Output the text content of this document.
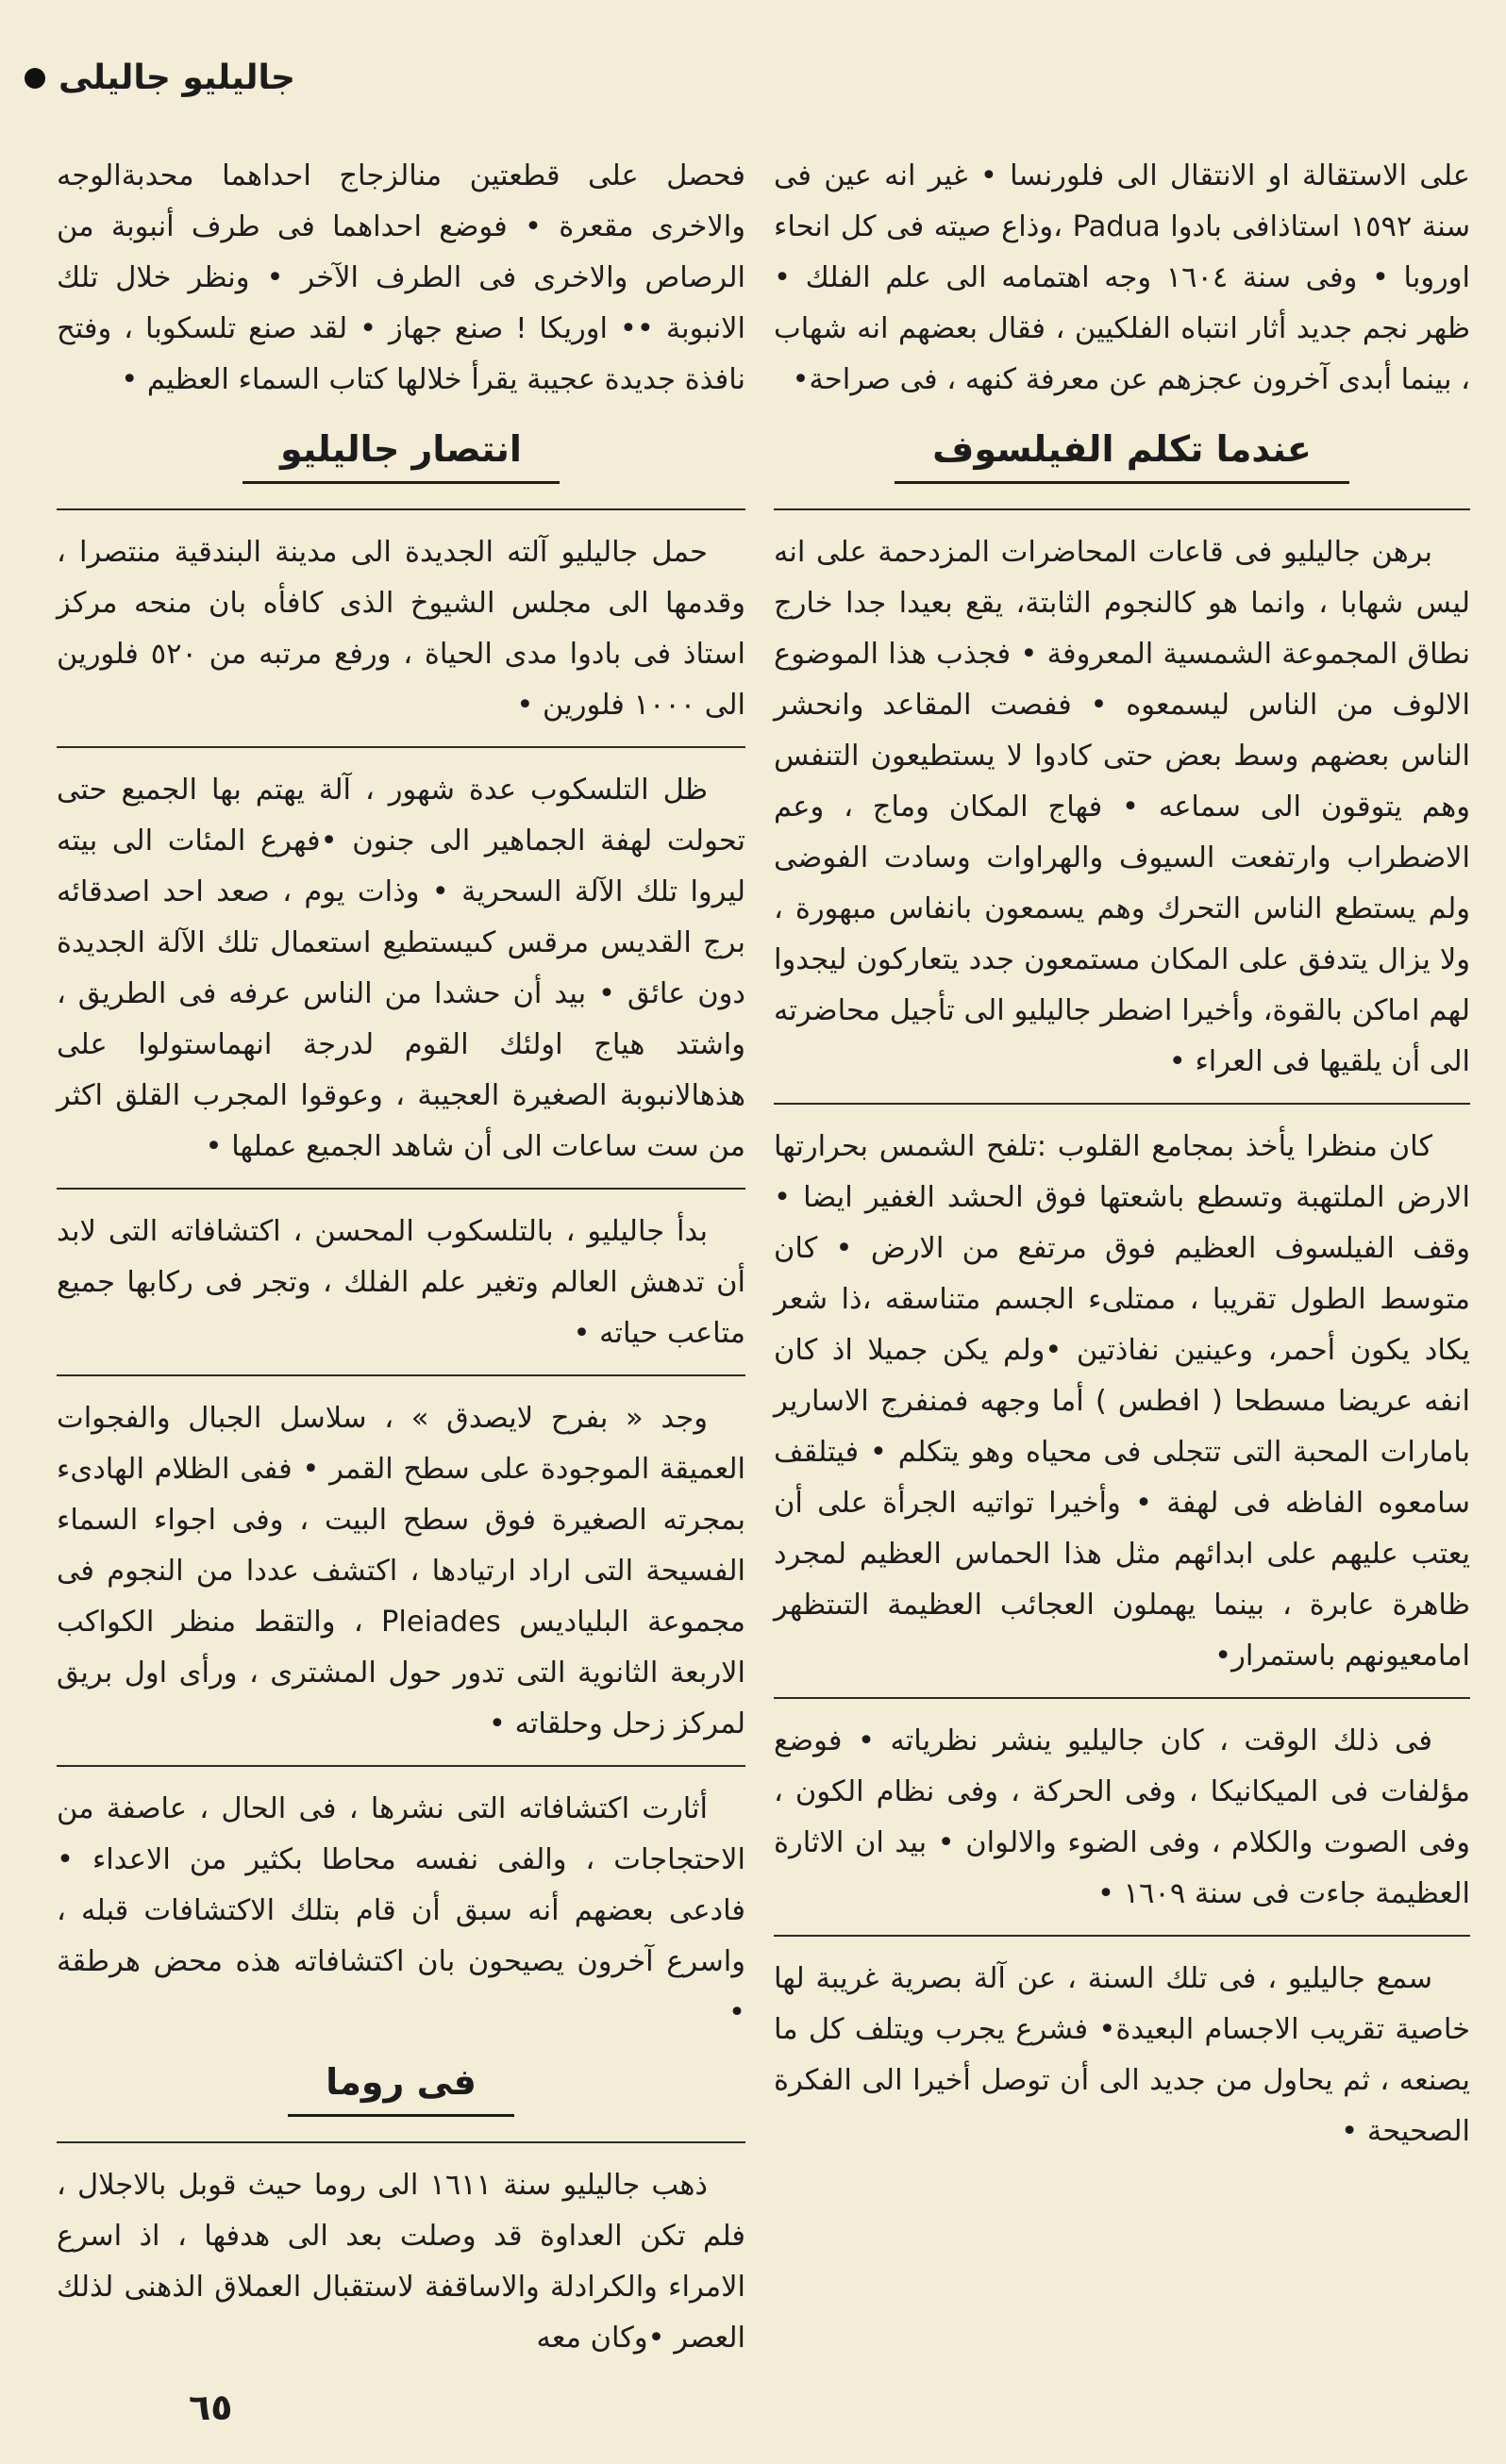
جاليليو جاليلى

على الاستقالة او الانتقال الى فلورنسا • غير انه عين فى سنة ١٥٩٢ استاذافى بادوا Padua ،وذاع صيته فى كل انحاء اوروبا • وفى سنة ١٦٠٤ وجه اهتمامه الى علم الفلك • ظهر نجم جديد أثار انتباه الفلكيين ، فقال بعضهم انه شهاب ، بينما أبدى آخرون عجزهم عن معرفة كنهه ، فى صراحة•

عندما تكلم الفيلسوف

برهن جاليليو فى قاعات المحاضرات المزدحمة على انه ليس شهابا ، وانما هو كالنجوم الثابتة، يقع بعيدا جدا خارج نطاق المجموعة الشمسية المعروفة • فجذب هذا الموضوع الالوف من الناس ليسمعوه • ففصت المقاعد وانحشر الناس بعضهم وسط بعض حتى كادوا لا يستطيعون التنفس وهم يتوقون الى سماعه • فهاج المكان وماج ، وعم الاضطراب وارتفعت السيوف والهراوات وسادت الفوضى ولم يستطع الناس التحرك وهم يسمعون بانفاس مبهورة ، ولا يزال يتدفق على المكان مستمعون جدد يتعاركون ليجدوا لهم اماكن بالقوة، وأخيرا اضطر جاليليو الى تأجيل محاضرته الى أن يلقيها فى العراء •

كان منظرا يأخذ بمجامع القلوب :تلفح الشمس بحرارتها الارض الملتهبة وتسطع باشعتها فوق الحشد الغفير ايضا • وقف الفيلسوف العظيم فوق مرتفع من الارض • كان متوسط الطول تقريبا ، ممتلىء الجسم متناسقه ،ذا شعر يكاد يكون أحمر، وعينين نفاذتين •ولم يكن جميلا اذ كان انفه عريضا مسطحا ( افطس ) أما وجهه فمنفرج الاسارير بامارات المحبة التى تتجلى فى محياه وهو يتكلم • فيتلقف سامعوه الفاظه فى لهفة • وأخيرا تواتيه الجرأة على أن يعتب عليهم على ابدائهم مثل هذا الحماس العظيم لمجرد ظاهرة عابرة ، بينما يهملون العجائب العظيمة التىتظهر امامعيونهم باستمرار•

فى ذلك الوقت ، كان جاليليو ينشر نظرياته • فوضع مؤلفات فى الميكانيكا ، وفى الحركة ، وفى نظام الكون ، وفى الصوت والكلام ، وفى الضوء والالوان • بيد ان الاثارة العظيمة جاءت فى سنة ١٦٠٩ •

سمع جاليليو ، فى تلك السنة ، عن آلة بصرية غريبة لها خاصية تقريب الاجسام البعيدة• فشرع يجرب ويتلف كل ما يصنعه ، ثم يحاول من جديد الى أن توصل أخيرا الى الفكرة الصحيحة •

فحصل على قطعتين منالزجاج احداهما محدبةالوجه والاخرى مقعرة • فوضع احداهما فى طرف أنبوبة من الرصاص والاخرى فى الطرف الآخر • ونظر خلال تلك الانبوبة •• اوريكا ! صنع جهاز • لقد صنع تلسكوبا ، وفتح نافذة جديدة عجيبة يقرأ خلالها كتاب السماء العظيم •

انتصار جاليليو

حمل جاليليو آلته الجديدة الى مدينة البندقية منتصرا ، وقدمها الى مجلس الشيوخ الذى كافأه بان منحه مركز استاذ فى بادوا مدى الحياة ، ورفع مرتبه من ٥٢٠ فلورين الى ١٠٠٠ فلورين •

ظل التلسكوب عدة شهور ، آلة يهتم بها الجميع حتى تحولت لهفة الجماهير الى جنون •فهرع المئات الى بيته ليروا تلك الآلة السحرية • وذات يوم ، صعد احد اصدقائه برج القديس مرقس كىيستطيع استعمال تلك الآلة الجديدة دون عائق • بيد أن حشدا من الناس عرفه فى الطريق ، واشتد هياج اولئك القوم لدرجة انهماستولوا على هذهالانبوبة الصغيرة العجيبة ، وعوقوا المجرب القلق اكثر من ست ساعات الى أن شاهد الجميع عملها •

بدأ جاليليو ، بالتلسكوب المحسن ، اكتشافاته التى لابد أن تدهش العالم وتغير علم الفلك ، وتجر فى ركابها جميع متاعب حياته •

وجد « بفرح لايصدق » ، سلاسل الجبال والفجوات العميقة الموجودة على سطح القمر • ففى الظلام الهادىء بمجرته الصغيرة فوق سطح البيت ، وفى اجواء السماء الفسيحة التى اراد ارتيادها ، اكتشف عددا من النجوم فى مجموعة البلياديس Pleiades ، والتقط منظر الكواكب الاربعة الثانوية التى تدور حول المشترى ، ورأى اول بريق لمركز زحل وحلقاته •

أثارت اكتشافاته التى نشرها ، فى الحال ، عاصفة من الاحتجاجات ، والفى نفسه محاطا بكثير من الاعداء • فادعى بعضهم أنه سبق أن قام بتلك الاكتشافات قبله ، واسرع آخرون يصيحون بان اكتشافاته هذه محض هرطقة •

فى روما

ذهب جاليليو سنة ١٦١١ الى روما حيث قوبل بالاجلال ، فلم تكن العداوة قد وصلت بعد الى هدفها ، اذ اسرع الامراء والكرادلة والاساقفة لاستقبال العملاق الذهنى لذلك العصر •وكان معه

٦٥
